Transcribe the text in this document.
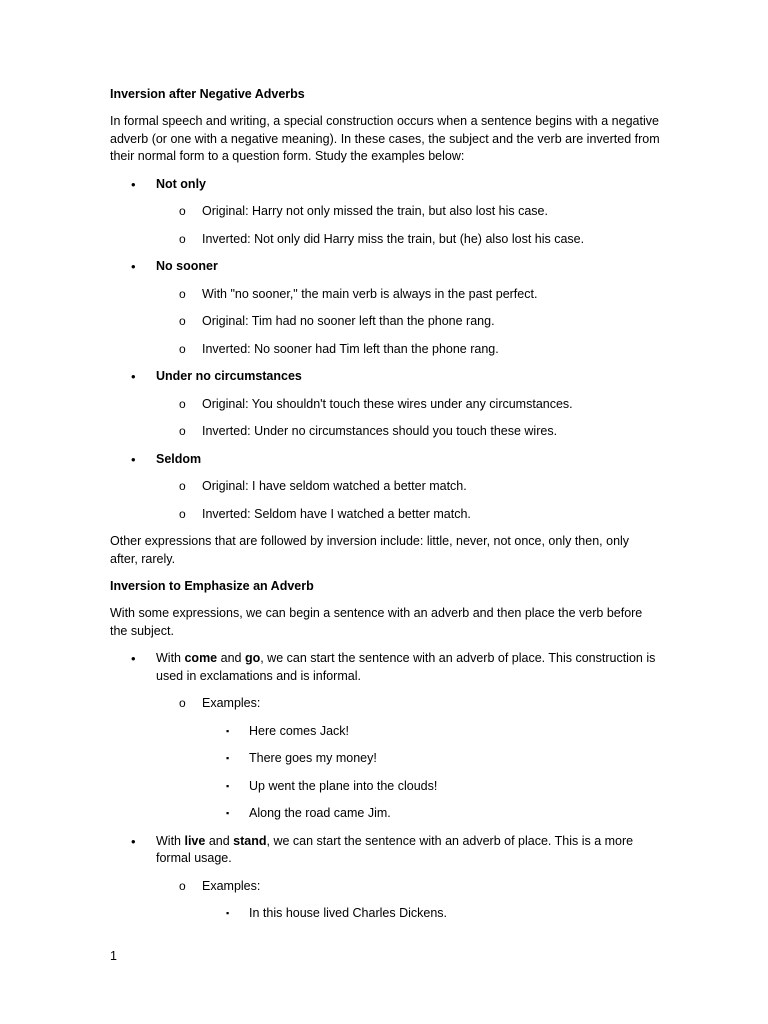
Inversion after Negative Adverbs
In formal speech and writing, a special construction occurs when a sentence begins with a negative adverb (or one with a negative meaning). In these cases, the subject and the verb are inverted from their normal form to a question form. Study the examples below:
• Not only
o Original: Harry not only missed the train, but also lost his case.
o Inverted: Not only did Harry miss the train, but (he) also lost his case.
• No sooner
o With "no sooner," the main verb is always in the past perfect.
o Original: Tim had no sooner left than the phone rang.
o Inverted: No sooner had Tim left than the phone rang.
• Under no circumstances
o Original: You shouldn't touch these wires under any circumstances.
o Inverted: Under no circumstances should you touch these wires.
• Seldom
o Original: I have seldom watched a better match.
o Inverted: Seldom have I watched a better match.
Other expressions that are followed by inversion include: little, never, not once, only then, only after, rarely.
Inversion to Emphasize an Adverb
With some expressions, we can begin a sentence with an adverb and then place the verb before the subject.
• With come and go, we can start the sentence with an adverb of place. This construction is used in exclamations and is informal.
o Examples:
▪ Here comes Jack!
▪ There goes my money!
▪ Up went the plane into the clouds!
▪ Along the road came Jim.
• With live and stand, we can start the sentence with an adverb of place. This is a more formal usage.
o Examples:
▪ In this house lived Charles Dickens.
1
